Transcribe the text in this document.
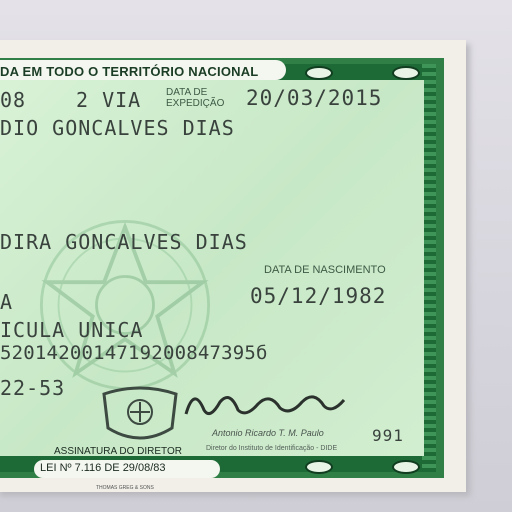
DA EM TODO O TERRITÓRIO NACIONAL
08 2 VIA DATA DE
EXPEDIÇÃO 20/03/2015
DIO GONCALVES DIAS
DIRA GONCALVES DIAS
DATA DE NASCIMENTO
05/12/1982
A
ICULA UNICA
5201420014719200847395б
22-53
Antonio Ricardo T. M. Paulo
Diretor do Instituto de Identificação - DIDE
991
ASSINATURA DO DIRETOR
LEI Nº 7.116 DE 29/08/83
THOMAS GREG & SONS
